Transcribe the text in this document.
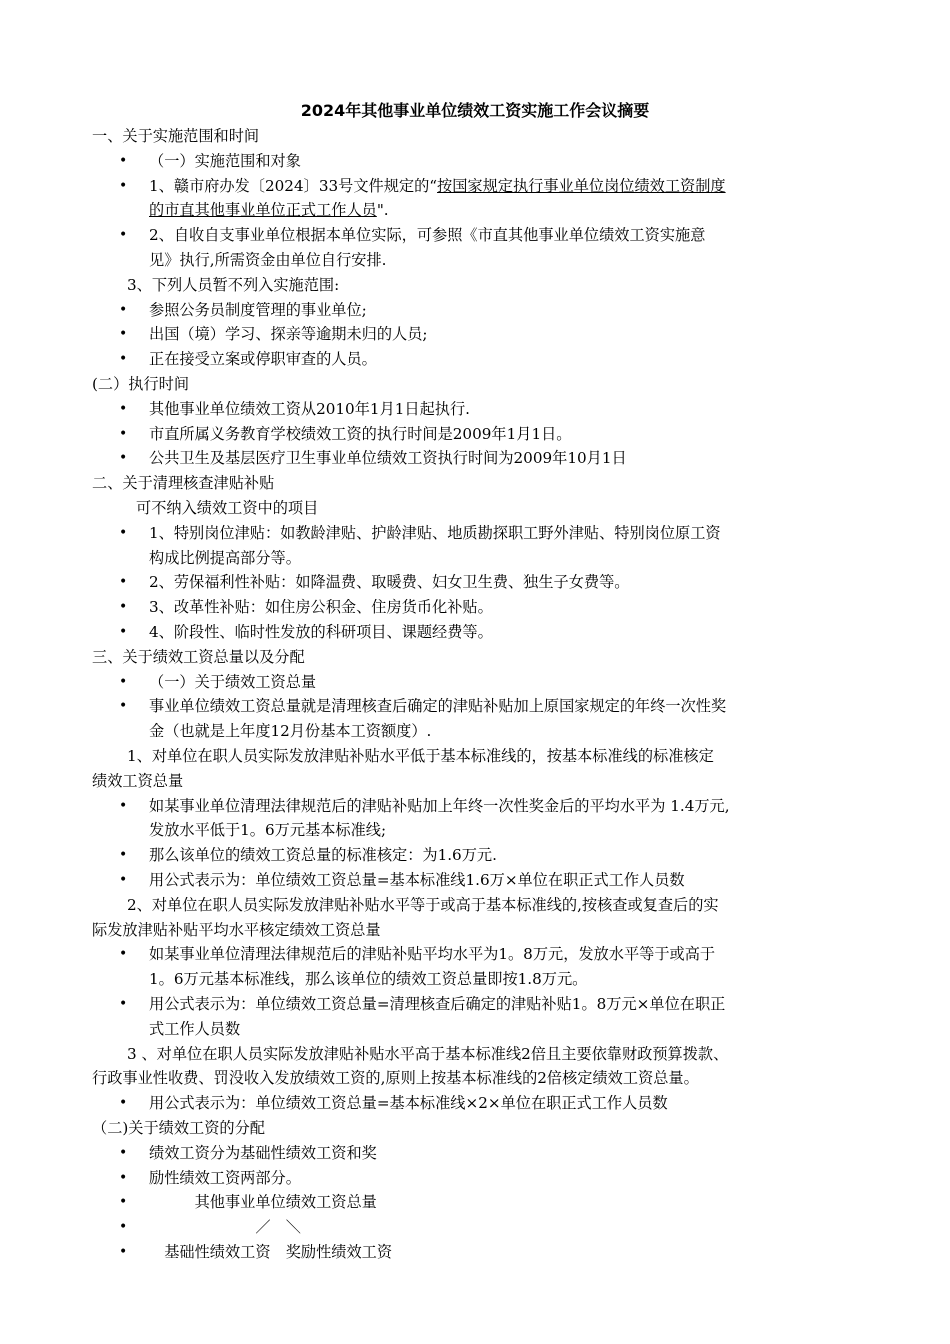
2024年其他事业单位绩效工资实施工作会议摘要
一、关于实施范围和时间
• （一）实施范围和对象
• 1、赣市府办发〔2024〕33号文件规定的“按国家规定执行事业单位岗位绩效工资制度
的市直其他事业单位正式工作人员".
• 2、自收自支事业单位根据本单位实际，可参照《市直其他事业单位绩效工资实施意
见》执行,所需资金由单位自行安排.
3、下列人员暂不列入实施范围:
• 参照公务员制度管理的事业单位;
• 出国（境）学习、探亲等逾期未归的人员;
• 正在接受立案或停职审查的人员。
(二）执行时间
• 其他事业单位绩效工资从2010年1月1日起执行.
• 市直所属义务教育学校绩效工资的执行时间是2009年1月1日。
• 公共卫生及基层医疗卫生事业单位绩效工资执行时间为2009年10月1日
二、关于清理核查津贴补贴
可不纳入绩效工资中的项目
• 1、特别岗位津贴：如教龄津贴、护龄津贴、地质勘探职工野外津贴、特别岗位原工资
构成比例提高部分等。
• 2、劳保福利性补贴：如降温费、取暖费、妇女卫生费、独生子女费等。
• 3、改革性补贴：如住房公积金、住房货币化补贴。
• 4、阶段性、临时性发放的科研项目、课题经费等。
三、关于绩效工资总量以及分配
• （一）关于绩效工资总量
• 事业单位绩效工资总量就是清理核查后确定的津贴补贴加上原国家规定的年终一次性奖
金（也就是上年度12月份基本工资额度）.
1、对单位在职人员实际发放津贴补贴水平低于基本标准线的，按基本标准线的标准核定
绩效工资总量
• 如某事业单位清理法律规范后的津贴补贴加上年终一次性奖金后的平均水平为 1.4万元,
发放水平低于1。6万元基本标准线;
• 那么该单位的绩效工资总量的标准核定：为1.6万元.
• 用公式表示为：单位绩效工资总量=基本标准线1.6万×单位在职正式工作人员数
2、对单位在职人员实际发放津贴补贴水平等于或高于基本标准线的,按核查或复查后的实
际发放津贴补贴平均水平核定绩效工资总量
• 如某事业单位清理法律规范后的津贴补贴平均水平为1。8万元，发放水平等于或高于
1。6万元基本标准线，那么该单位的绩效工资总量即按1.8万元。
• 用公式表示为：单位绩效工资总量=清理核查后确定的津贴补贴1。8万元×单位在职正
式工作人员数
3 、对单位在职人员实际发放津贴补贴水平高于基本标准线2倍且主要依靠财政预算拨款、
行政事业性收费、罚没收入发放绩效工资的,原则上按基本标准线的2倍核定绩效工资总量。
• 用公式表示为：单位绩效工资总量=基本标准线×2×单位在职正式工作人员数
（二)关于绩效工资的分配
• 绩效工资分为基础性绩效工资和奖
• 励性绩效工资两部分。
• 　　　其他事业单位绩效工资总量
• 　　　　　　　／　＼
• 　基础性绩效工资　奖励性绩效工资
